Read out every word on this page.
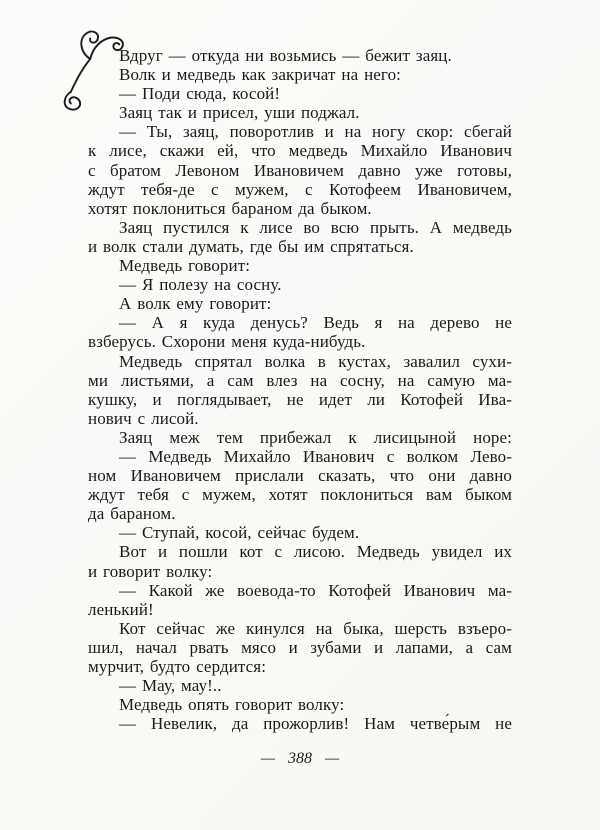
Вдруг — откуда ни возьмись — бежит заяц.
Волк и медведь как закричат на него:
— Поди сюда, косой!
Заяц так и присел, уши поджал.
— Ты, заяц, поворотлив и на ногу скор: сбегай
к лисе, скажи ей, что медведь Михайло Иванович
с братом Левоном Ивановичем давно уже готовы,
ждут тебя-де с мужем, с Котофеем Ивановичем,
хотят поклониться бараном да быком.
Заяц пустился к лисе во всю прыть. А медведь
и волк стали думать, где бы им спрятаться.
Медведь говорит:
— Я полезу на сосну.
А волк ему говорит:
— А я куда денусь? Ведь я на дерево не
взберусь. Схорони меня куда-нибудь.
Медведь спрятал волка в кустах, завалил сухи-
ми листьями, а сам влез на сосну, на самую ма-
кушку, и поглядывает, не идет ли Котофей Ива-
нович с лисой.
Заяц меж тем прибежал к лисицыной норе:
— Медведь Михайло Иванович с волком Лево-
ном Ивановичем прислали сказать, что они давно
ждут тебя с мужем, хотят поклониться вам быком
да бараном.
— Ступай, косой, сейчас будем.
Вот и пошли кот с лисою. Медведь увидел их
и говорит волку:
— Какой же воевода-то Котофей Иванович ма-
ленький!
Кот сейчас же кинулся на быка, шерсть взъеро-
шил, начал рвать мясо и зубами и лапами, а сам
мурчит, будто сердится:
— Мау, мау!..
Медведь опять говорит волку:
— Невелик, да прожорлив! Нам четве́рым не
— 388 —
